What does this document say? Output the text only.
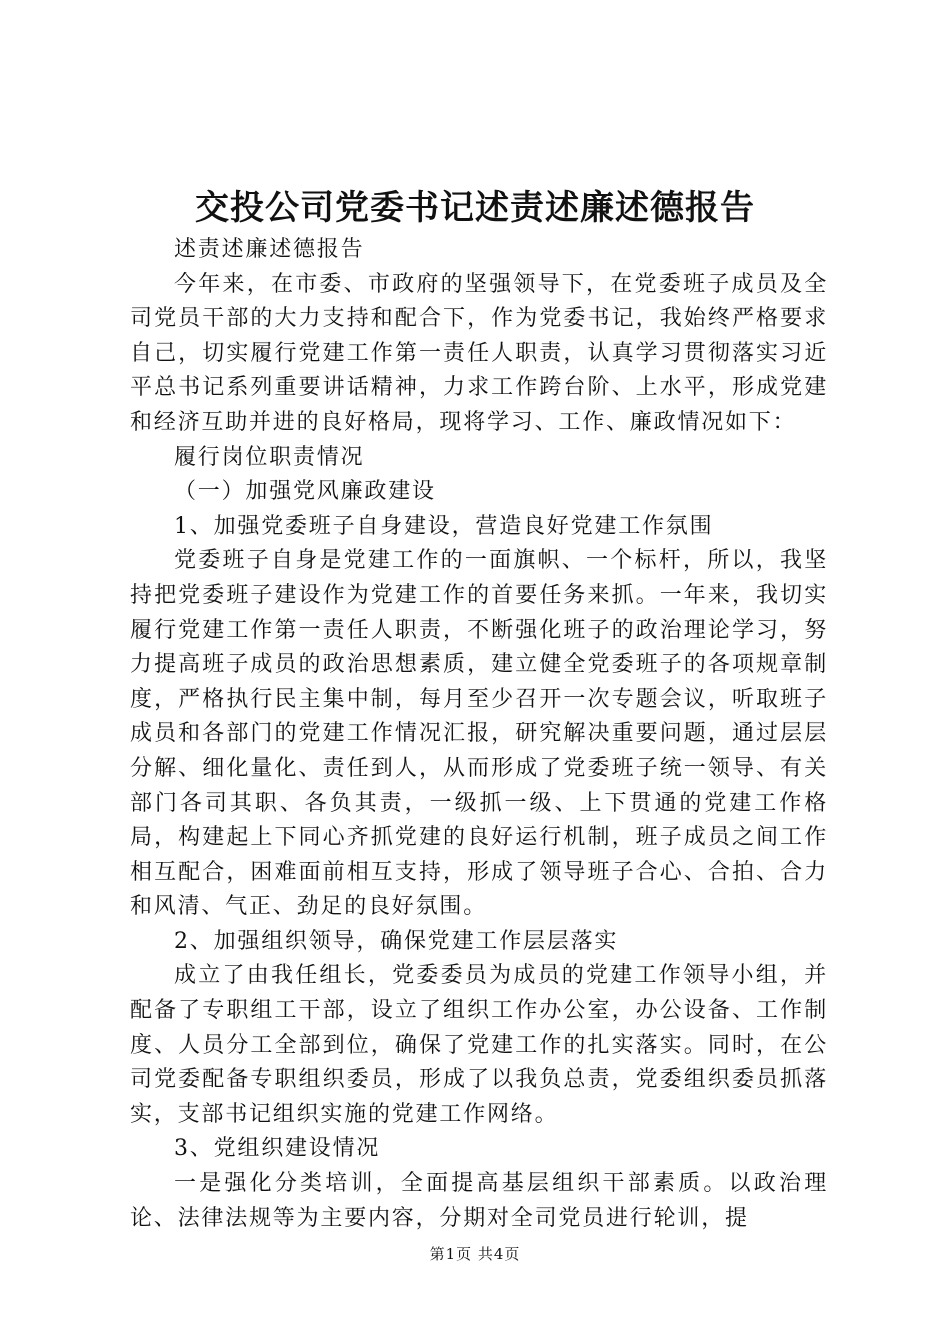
交投公司党委书记述责述廉述德报告

述责述廉述德报告

今年来，在市委、市政府的坚强领导下，在党委班子成员及全司党员干部的大力支持和配合下，作为党委书记，我始终严格要求自己，切实履行党建工作第一责任人职责，认真学习贯彻落实习近平总书记系列重要讲话精神，力求工作跨台阶、上水平，形成党建和经济互助并进的良好格局，现将学习、工作、廉政情况如下：

履行岗位职责情况

（一）加强党风廉政建设

1、加强党委班子自身建设，营造良好党建工作氛围

党委班子自身是党建工作的一面旗帜、一个标杆，所以，我坚持把党委班子建设作为党建工作的首要任务来抓。一年来，我切实履行党建工作第一责任人职责，不断强化班子的政治理论学习，努力提高班子成员的政治思想素质，建立健全党委班子的各项规章制度，严格执行民主集中制，每月至少召开一次专题会议，听取班子成员和各部门的党建工作情况汇报，研究解决重要问题，通过层层分解、细化量化、责任到人，从而形成了党委班子统一领导、有关部门各司其职、各负其责，一级抓一级、上下贯通的党建工作格局，构建起上下同心齐抓党建的良好运行机制，班子成员之间工作相互配合，困难面前相互支持，形成了领导班子合心、合拍、合力和风清、气正、劲足的良好氛围。

2、加强组织领导，确保党建工作层层落实

成立了由我任组长，党委委员为成员的党建工作领导小组，并配备了专职组工干部，设立了组织工作办公室，办公设备、工作制度、人员分工全部到位，确保了党建工作的扎实落实。同时，在公司党委配备专职组织委员，形成了以我负总责，党委组织委员抓落实，支部书记组织实施的党建工作网络。

3、党组织建设情况

一是强化分类培训，全面提高基层组织干部素质。以政治理论、法律法规等为主要内容，分期对全司党员进行轮训，提

第1页 共4页
